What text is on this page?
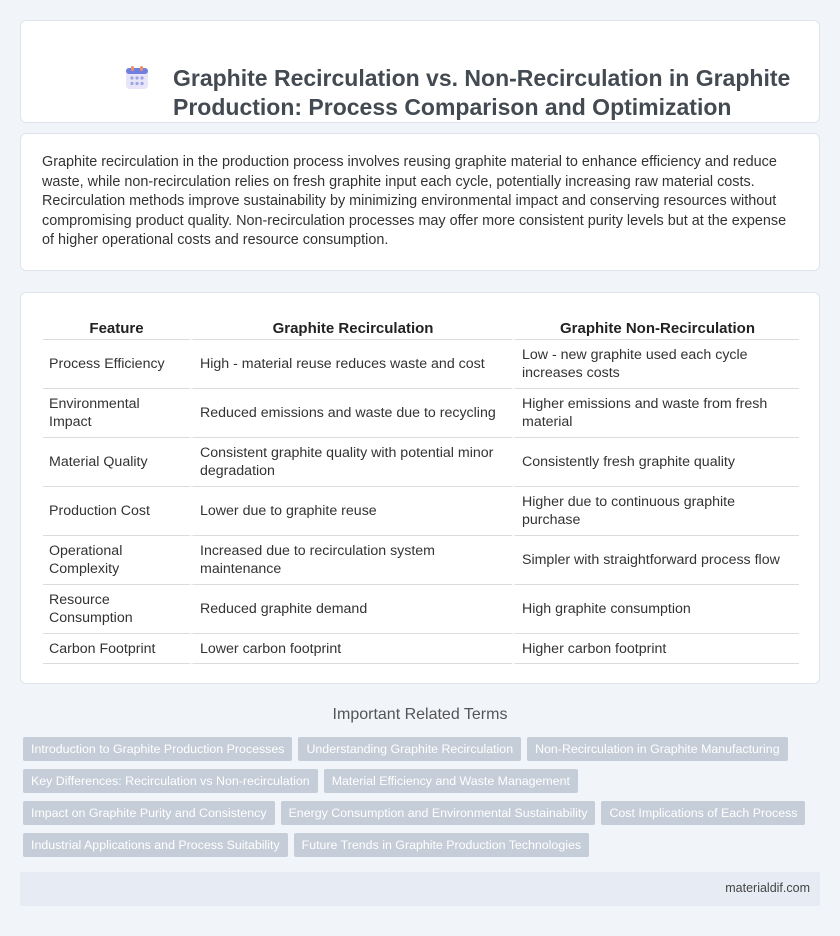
Graphite Recirculation vs. Non-Recirculation in Graphite Production: Process Comparison and Optimization

Graphite recirculation in the production process involves reusing graphite material to enhance efficiency and reduce waste, while non-recirculation relies on fresh graphite input each cycle, potentially increasing raw material costs. Recirculation methods improve sustainability by minimizing environmental impact and conserving resources without compromising product quality. Non-recirculation processes may offer more consistent purity levels but at the expense of higher operational costs and resource consumption.

Feature	Graphite Recirculation	Graphite Non-Recirculation
Process Efficiency	High - material reuse reduces waste and cost	Low - new graphite used each cycle increases costs
Environmental Impact	Reduced emissions and waste due to recycling	Higher emissions and waste from fresh material
Material Quality	Consistent graphite quality with potential minor degradation	Consistently fresh graphite quality
Production Cost	Lower due to graphite reuse	Higher due to continuous graphite purchase
Operational Complexity	Increased due to recirculation system maintenance	Simpler with straightforward process flow
Resource Consumption	Reduced graphite demand	High graphite consumption
Carbon Footprint	Lower carbon footprint	Higher carbon footprint
Important Related Terms
Introduction to Graphite Production Processes	Understanding Graphite Recirculation	Non-Recirculation in Graphite Manufacturing
Key Differences: Recirculation vs Non-recirculation	Material Efficiency and Waste Management
Impact on Graphite Purity and Consistency	Energy Consumption and Environmental Sustainability	Cost Implications of Each Process
Industrial Applications and Process Suitability	Future Trends in Graphite Production Technologies
materialdif.com
